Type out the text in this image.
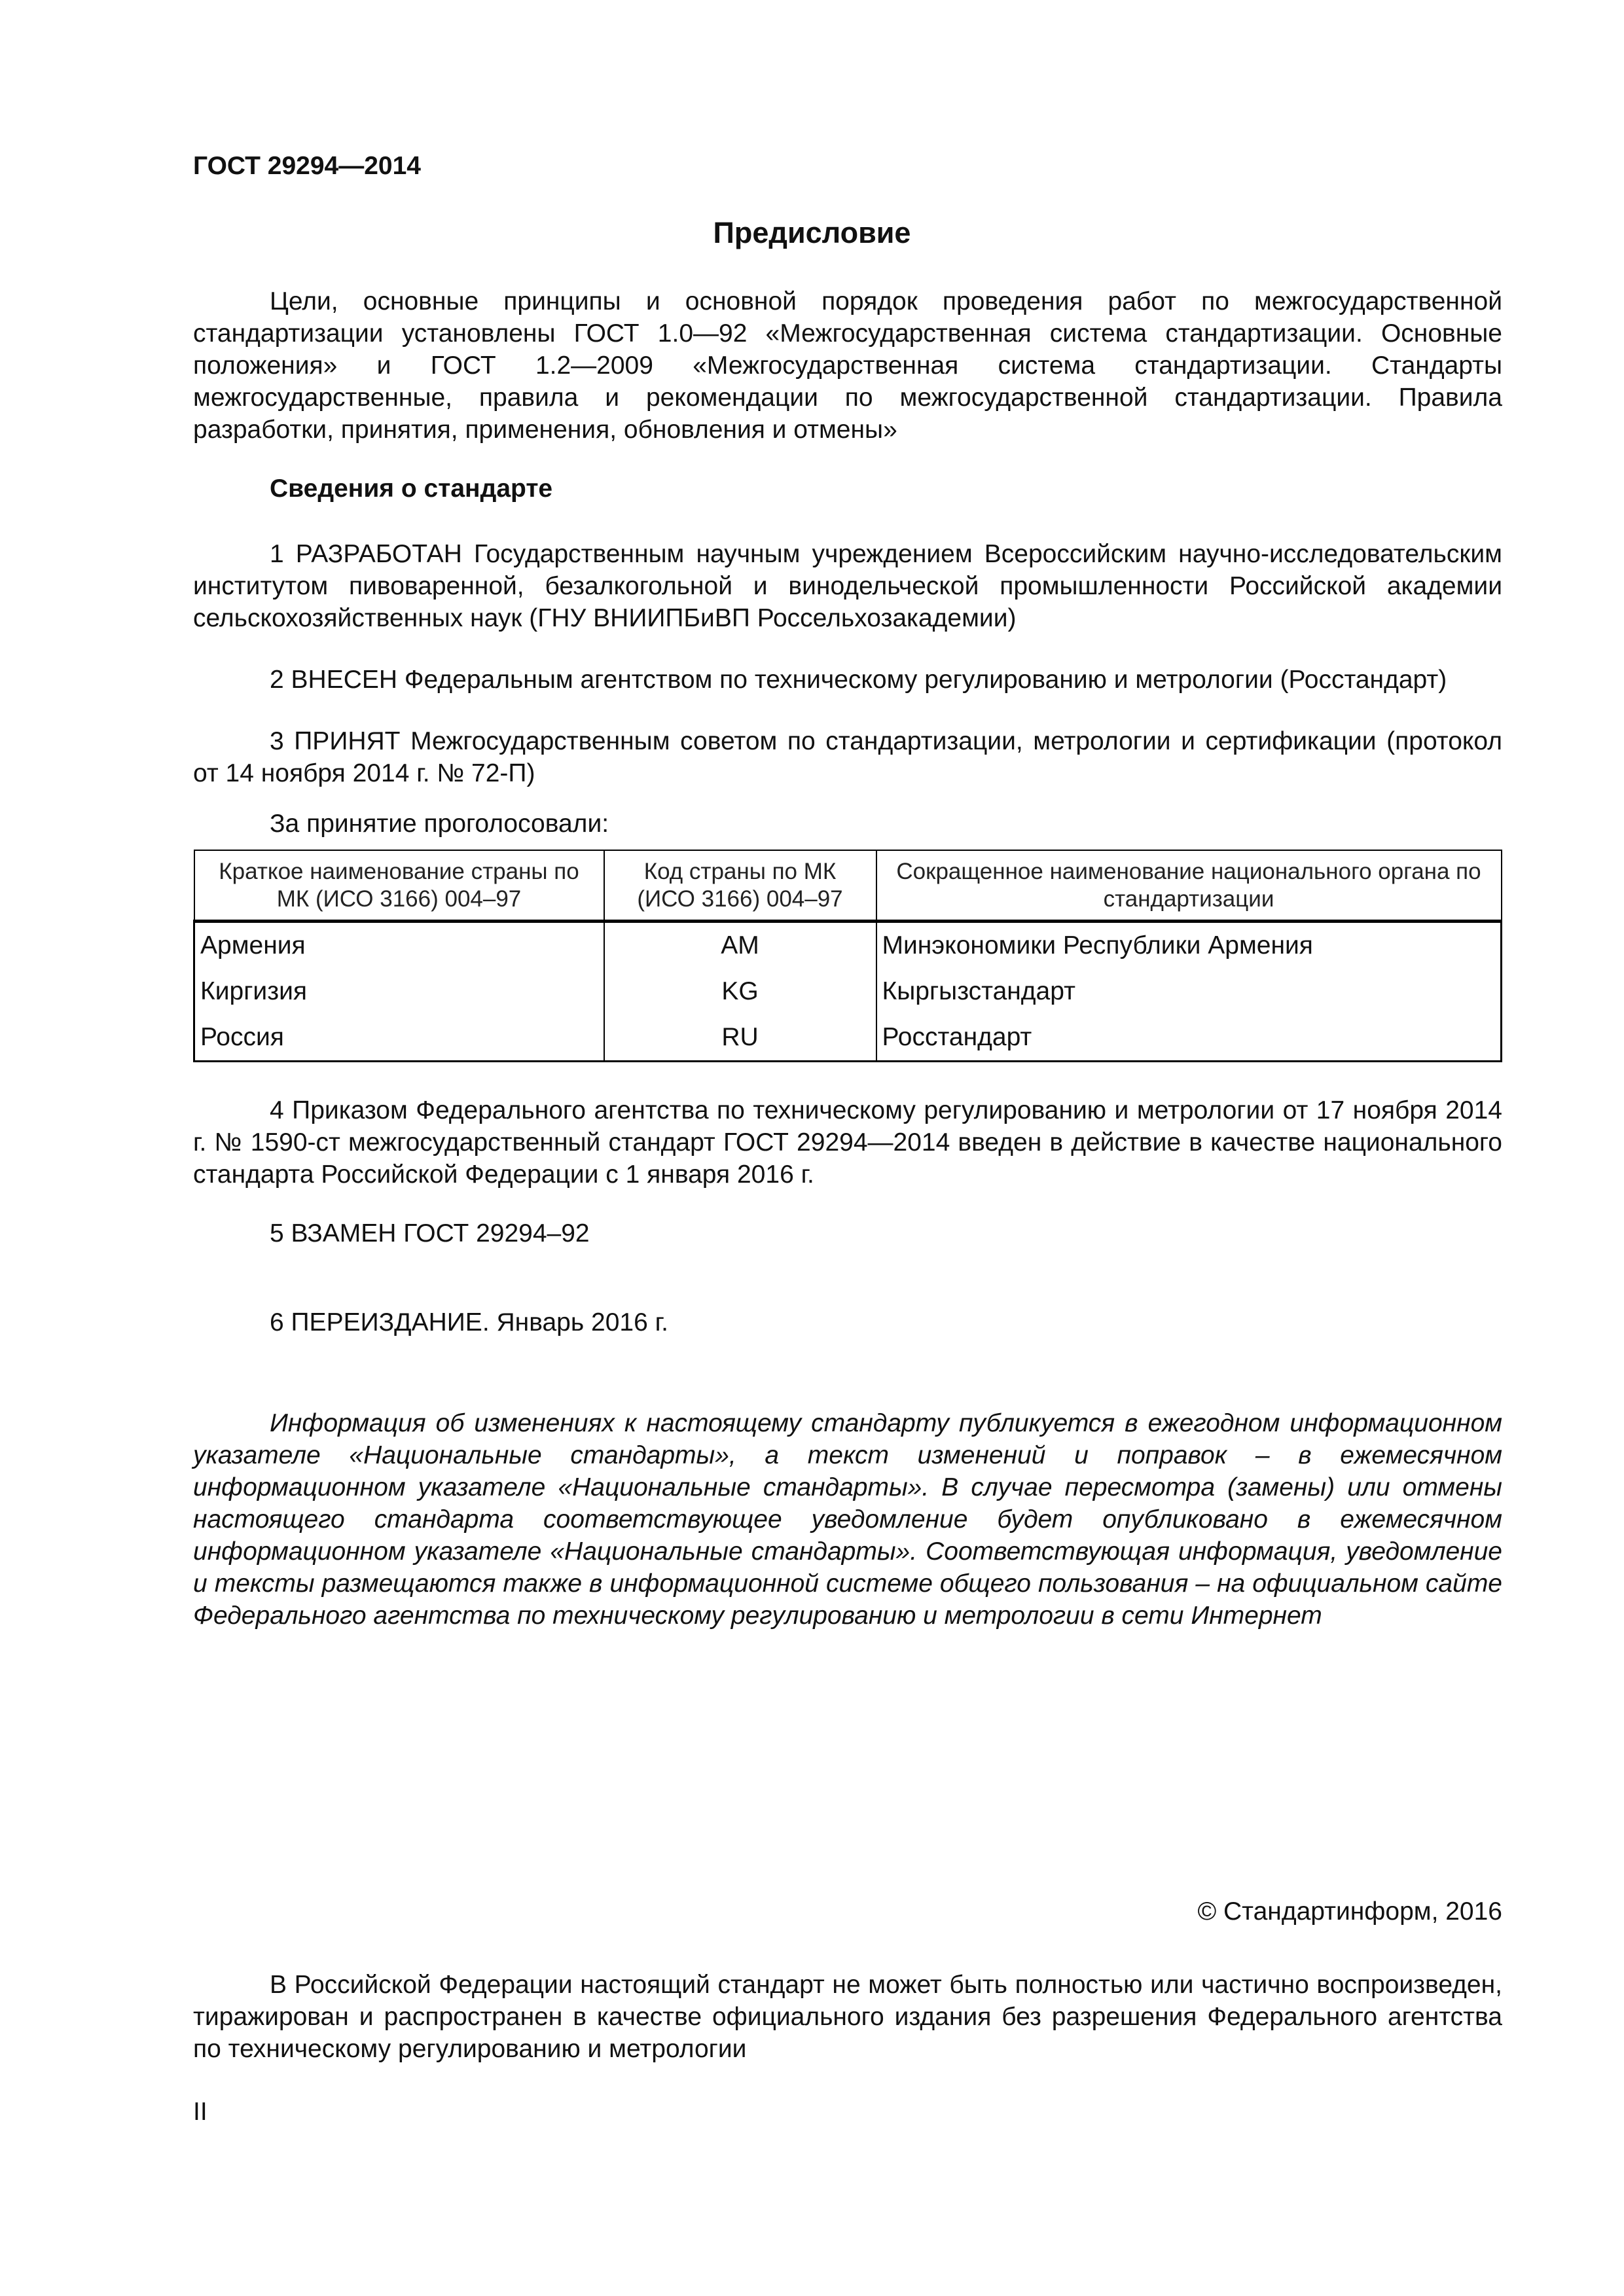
ГОСТ 29294—2014

Предисловие

Цели, основные принципы и основной порядок проведения работ по межгосударственной стандартизации установлены ГОСТ 1.0—92 «Межгосударственная система стандартизации. Основные положения» и ГОСТ 1.2—2009 «Межгосударственная система стандартизации. Стандарты межгосударственные, правила и рекомендации по межгосударственной стандартизации. Правила разработки, принятия, применения, обновления и отмены»

Сведения о стандарте

1 РАЗРАБОТАН Государственным научным учреждением Всероссийским научно-исследовательским институтом пивоваренной, безалкогольной и винодельческой промышленности Российской академии сельскохозяйственных наук (ГНУ ВНИИПБиВП Россельхозакадемии)

2 ВНЕСЕН Федеральным агентством по техническому регулированию и метрологии (Росстандарт)

3 ПРИНЯТ Межгосударственным советом по стандартизации, метрологии и сертификации (протокол от 14 ноября 2014 г. № 72-П)

За принятие проголосовали:

Краткое наименование страны по МК (ИСО 3166) 004–97	Код страны по МК (ИСО 3166) 004–97	Сокращенное наименование национального органа по стандартизации
Армения	AM	Минэкономики Республики Армения
Киргизия	KG	Кыргызстандарт
Россия	RU	Росстандарт

4 Приказом Федерального агентства по техническому регулированию и метрологии от 17 ноября 2014 г. № 1590-ст межгосударственный стандарт ГОСТ 29294—2014 введен в действие в качестве национального стандарта Российской Федерации с 1 января 2016 г.

5 ВЗАМЕН ГОСТ 29294–92

6 ПЕРЕИЗДАНИЕ. Январь 2016 г.

Информация об изменениях к настоящему стандарту публикуется в ежегодном информационном указателе «Национальные стандарты», а текст изменений и поправок – в ежемесячном информационном указателе «Национальные стандарты». В случае пересмотра (замены) или отмены настоящего стандарта соответствующее уведомление будет опубликовано в ежемесячном информационном указателе «Национальные стандарты». Соответствующая информация, уведомление и тексты размещаются также в информационной системе общего пользования – на официальном сайте Федерального агентства по техническому регулированию и метрологии в сети Интернет

© Стандартинформ, 2016

В Российской Федерации настоящий стандарт не может быть полностью или частично воспроизведен, тиражирован и распространен в качестве официального издания без разрешения Федерального агентства по техническому регулированию и метрологии

II
